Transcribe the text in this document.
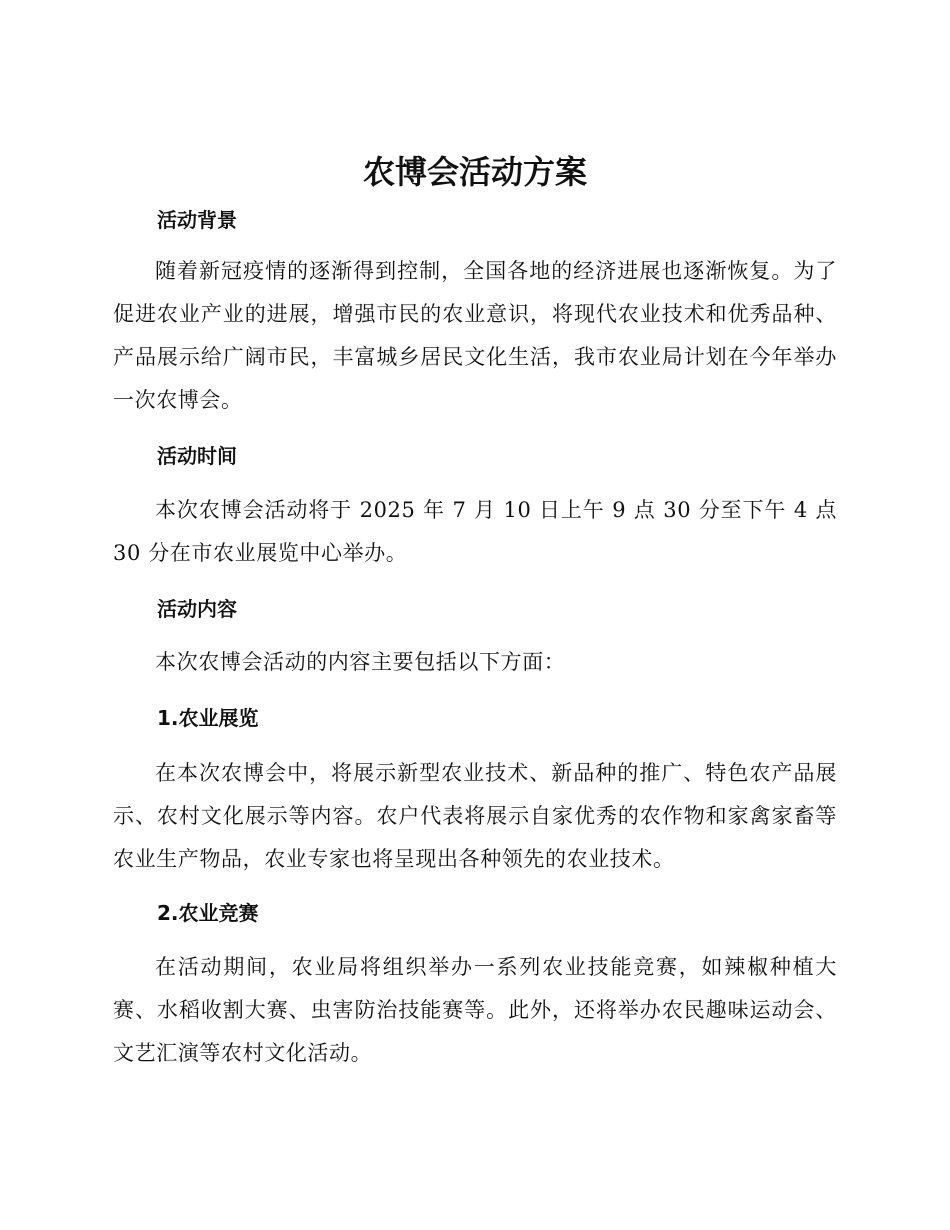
农博会活动方案
活动背景

随着新冠疫情的逐渐得到控制，全国各地的经济进展也逐渐恢复。为了促进农业产业的进展，增强市民的农业意识，将现代农业技术和优秀品种、产品展示给广阔市民，丰富城乡居民文化生活，我市农业局计划在今年举办一次农博会。

活动时间

本次农博会活动将于 2025 年 7 月 10 日上午 9 点 30 分至下午 4 点 30 分在市农业展览中心举办。

活动内容

本次农博会活动的内容主要包括以下方面：

1.农业展览

在本次农博会中，将展示新型农业技术、新品种的推广、特色农产品展示、农村文化展示等内容。农户代表将展示自家优秀的农作物和家禽家畜等农业生产物品，农业专家也将呈现出各种领先的农业技术。

2.农业竞赛

在活动期间，农业局将组织举办一系列农业技能竞赛，如辣椒种植大赛、水稻收割大赛、虫害防治技能赛等。此外，还将举办农民趣味运动会、文艺汇演等农村文化活动。
